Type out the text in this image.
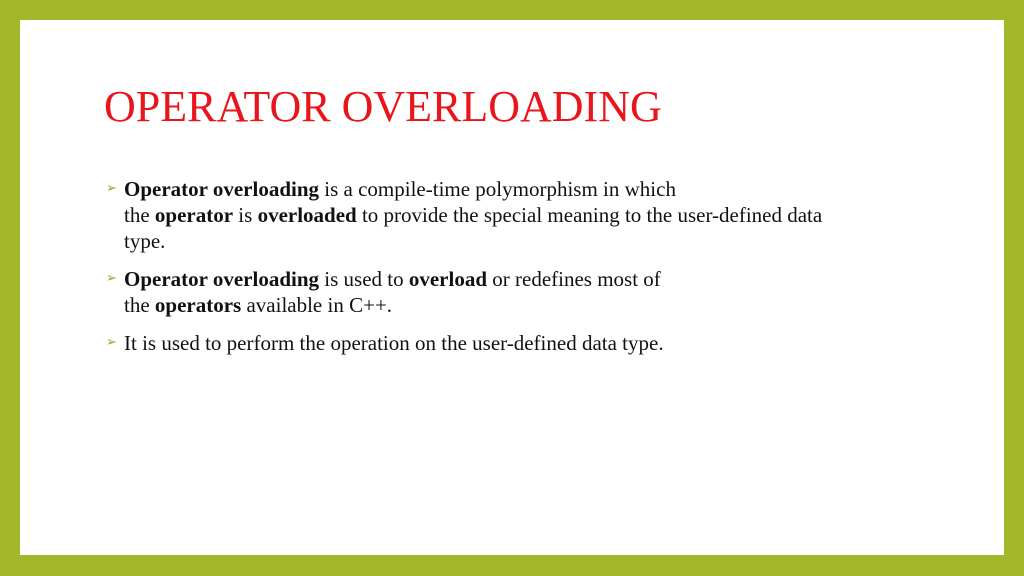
OPERATOR OVERLOADING
➢ Operator overloading is a compile-time polymorphism in which

the operator is overloaded to provide the special meaning to the user-defined data

type.

➢ Operator overloading is used to overload or redefines most of

the operators available in C++.

➢ It is used to perform the operation on the user-defined data type.
